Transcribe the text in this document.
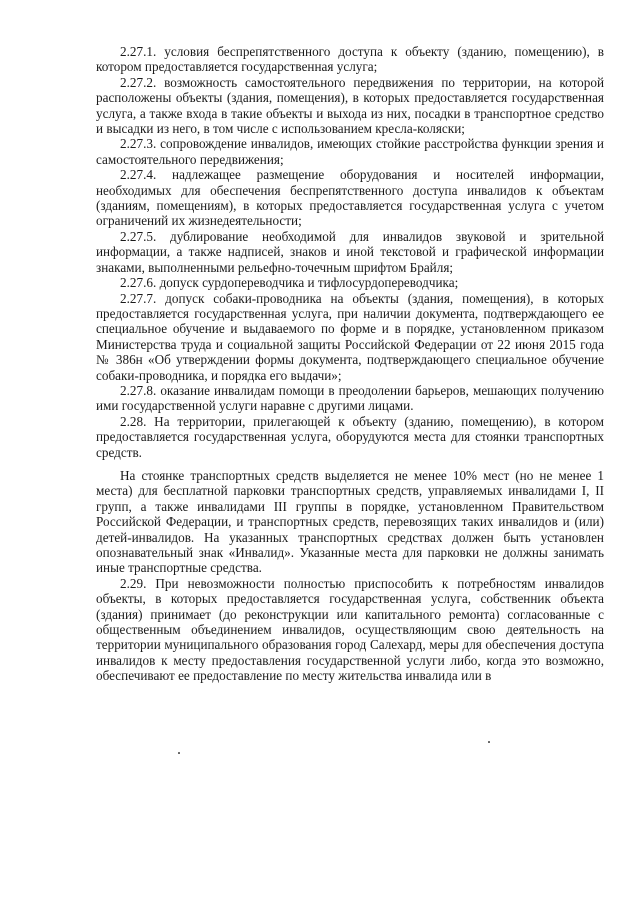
2.27.1. условия беспрепятственного доступа к объекту (зданию, помещению), в котором предоставляется государственная услуга;

2.27.2. возможность самостоятельного передвижения по территории, на которой расположены объекты (здания, помещения), в которых предоставляется государственная услуга, а также входа в такие объекты и выхода из них, посадки в транспортное средство и высадки из него, в том числе с использованием кресла-коляски;

2.27.3. сопровождение инвалидов, имеющих стойкие расстройства функции зрения и самостоятельного передвижения;

2.27.4. надлежащее размещение оборудования и носителей информации, необходимых для обеспечения беспрепятственного доступа инвалидов к объектам (зданиям, помещениям), в которых предоставляется государственная услуга с учетом ограничений их жизнедеятельности;

2.27.5. дублирование необходимой для инвалидов звуковой и зрительной информации, а также надписей, знаков и иной текстовой и графической информации знаками, выполненными рельефно-точечным шрифтом Брайля;

2.27.6. допуск сурдопереводчика и тифлосурдопереводчика;

2.27.7. допуск собаки-проводника на объекты (здания, помещения), в которых предоставляется государственная услуга, при наличии документа, подтверждающего ее специальное обучение и выдаваемого по форме и в порядке, установленном приказом Министерства труда и социальной защиты Российской Федерации от 22 июня 2015 года № 386н «Об утверждении формы документа, подтверждающего специальное обучение собаки-проводника, и порядка его выдачи»;

2.27.8. оказание инвалидам помощи в преодолении барьеров, мешающих получению ими государственной услуги наравне с другими лицами.

2.28. На территории, прилегающей к объекту (зданию, помещению), в котором предоставляется государственная услуга, оборудуются места для стоянки транспортных средств.

На стоянке транспортных средств выделяется не менее 10% мест (но не менее 1 места) для бесплатной парковки транспортных средств, управляемых инвалидами I, II групп, а также инвалидами III группы в порядке, установленном Правительством Российской Федерации, и транспортных средств, перевозящих таких инвалидов и (или) детей-инвалидов. На указанных транспортных средствах должен быть установлен опознавательный знак «Инвалид». Указанные места для парковки не должны занимать иные транспортные средства.

2.29. При невозможности полностью приспособить к потребностям инвалидов объекты, в которых предоставляется государственная услуга, собственник объекта (здания) принимает (до реконструкции или капитального ремонта) согласованные с общественным объединением инвалидов, осуществляющим свою деятельность на территории муниципального образования город Салехард, меры для обеспечения доступа инвалидов к месту предоставления государственной услуги либо, когда это возможно, обеспечивают ее предоставление по месту жительства инвалида или в
